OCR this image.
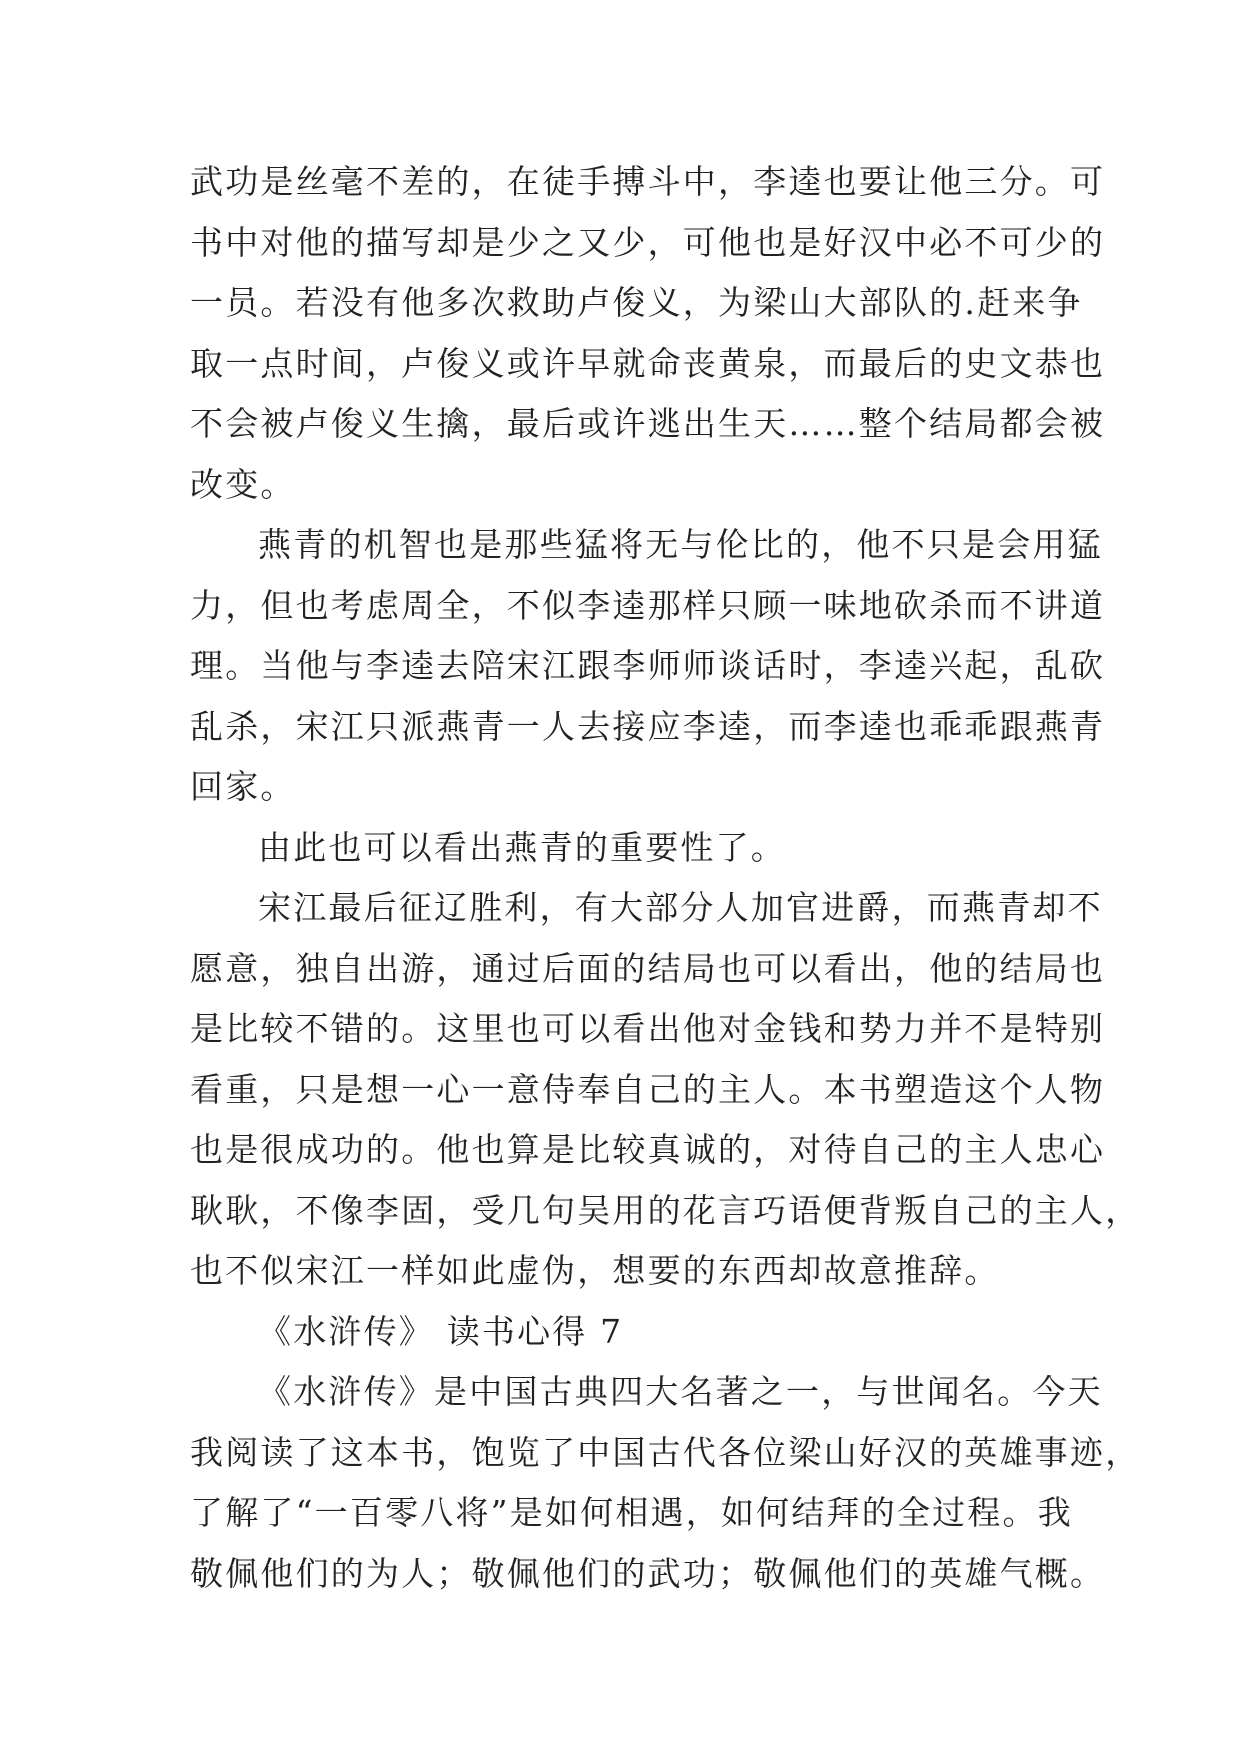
武功是丝毫不差的，在徒手搏斗中，李逵也要让他三分。可
书中对他的描写却是少之又少，可他也是好汉中必不可少的
一员。若没有他多次救助卢俊义，为梁山大部队的.赶来争
取一点时间，卢俊义或许早就命丧黄泉，而最后的史文恭也
不会被卢俊义生擒，最后或许逃出生天……整个结局都会被
改变。
燕青的机智也是那些猛将无与伦比的，他不只是会用猛
力，但也考虑周全，不似李逵那样只顾一味地砍杀而不讲道
理。当他与李逵去陪宋江跟李师师谈话时，李逵兴起，乱砍
乱杀，宋江只派燕青一人去接应李逵，而李逵也乖乖跟燕青
回家。
由此也可以看出燕青的重要性了。
宋江最后征辽胜利，有大部分人加官进爵，而燕青却不
愿意，独自出游，通过后面的结局也可以看出，他的结局也
是比较不错的。这里也可以看出他对金钱和势力并不是特别
看重，只是想一心一意侍奉自己的主人。本书塑造这个人物
也是很成功的。他也算是比较真诚的，对待自己的主人忠心
耿耿，不像李固，受几句吴用的花言巧语便背叛自己的主人，
也不似宋江一样如此虚伪，想要的东西却故意推辞。
《水浒传》 读书心得 7
《水浒传》是中国古典四大名著之一，与世闻名。今天
我阅读了这本书，饱览了中国古代各位梁山好汉的英雄事迹，
了解了“一百零八将”是如何相遇，如何结拜的全过程。我
敬佩他们的为人；敬佩他们的武功；敬佩他们的英雄气概。
